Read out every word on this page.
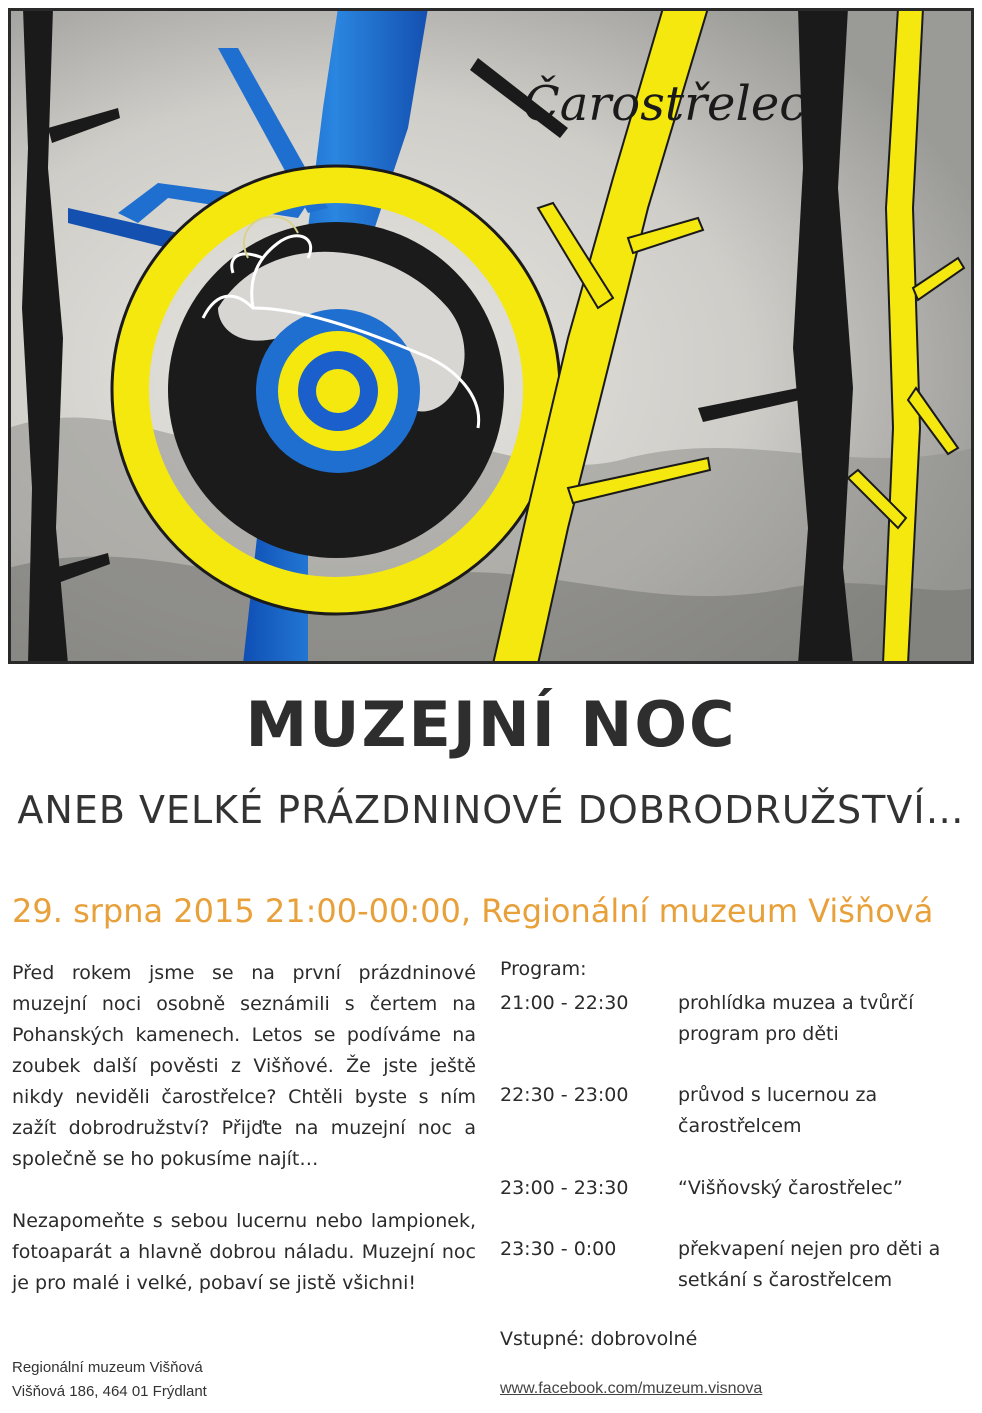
Čarostřelec
MUZEJNÍ NOC
ANEB VELKÉ PRÁZDNINOVÉ DOBRODRUŽSTVÍ…
29. srpna 2015 21:00-00:00, Regionální muzeum Višňová

Před rokem jsme se na první prázdninové muzejní noci osobně seznámili s čertem na Pohanských kamenech. Letos se podíváme na zoubek další pověsti z Višňové. Že jste ještě nikdy neviděli čarostřelce? Chtěli byste s ním zažít dobrodružství? Přijďte na muzejní noc a společně se ho pokusíme najít…

Nezapomeňte s sebou lucernu nebo lampionek, fotoaparát a hlavně dobrou náladu. Muzejní noc je pro malé i velké, pobaví se jistě všichni!

Regionální muzeum Višňová
Višňová 186, 464 01 Frýdlant
Program:
21:00 - 22:30	prohlídka muzea a tvůrčí program pro děti
22:30 - 23:00	průvod s lucernou za čarostřelcem
23:00 - 23:30	“Višňovský čarostřelec”
23:30 - 0:00	překvapení nejen pro děti a setkání s čarostřelcem
Vstupné: dobrovolné
www.facebook.com/muzeum.visnova
